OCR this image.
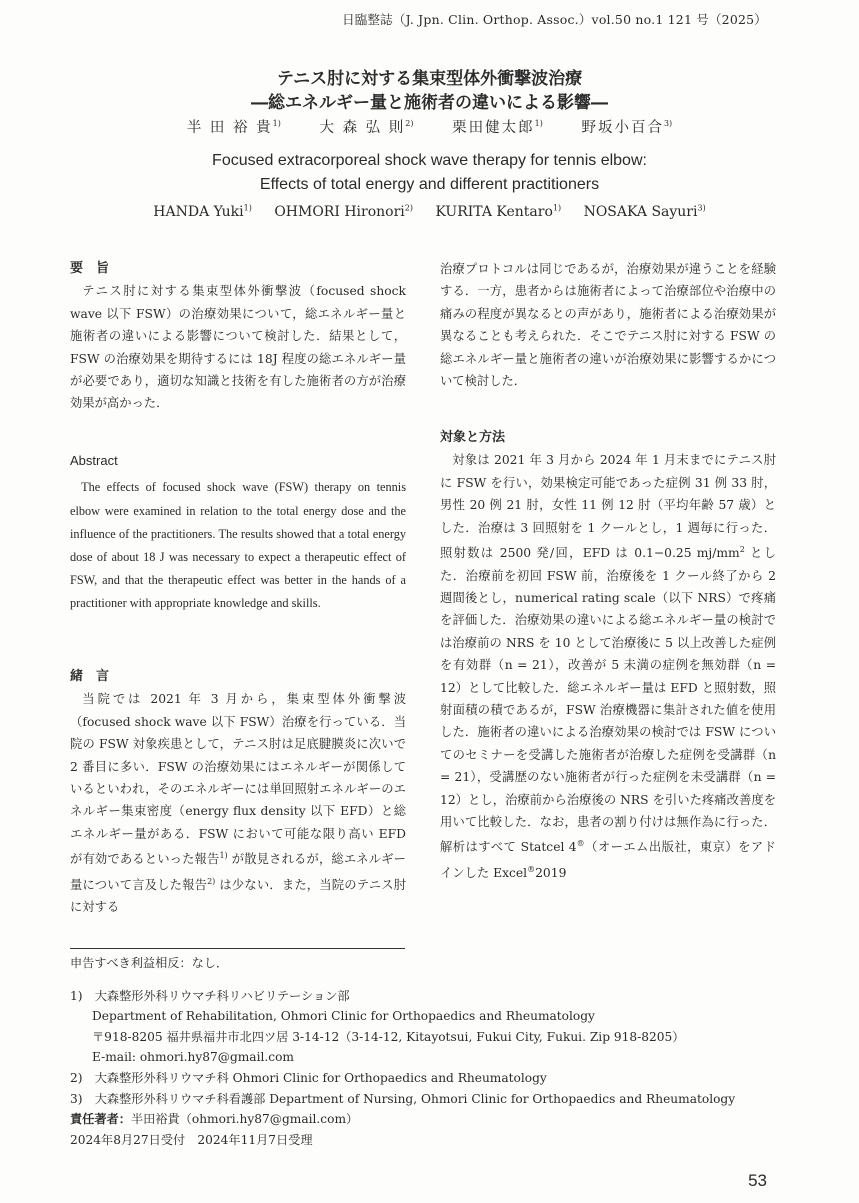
日臨整誌（J. Jpn. Clin. Orthop. Assoc.）vol.50 no.1 121 号（2025）
テニス肘に対する集束型体外衝撃波治療
―総エネルギー量と施術者の違いによる影響―
半 田 裕 貴$^{1)}$	大 森 弘 則$^{2)}$	栗田健太郎$^{1)}$	野坂小百合$^{3)}$
Focused extracorporeal shock wave therapy for tennis elbow:
Effects of total energy and different practitioners
HANDA Yuki$^{1)}$ OHMORI Hironori$^{2)}$ KURITA Kentaro$^{1)}$ NOSAKA Sayuri$^{3)}$
要　旨

テニス肘に対する集束型体外衝撃波（focused shock wave 以下 FSW）の治療効果について，総エネルギー量と施術者の違いによる影響について検討した．結果として，FSW の治療効果を期待するには 18J 程度の総エネルギー量が必要であり，適切な知識と技術を有した施術者の方が治療効果が高かった．

Abstract

The effects of focused shock wave (FSW) therapy on tennis elbow were examined in relation to the total energy dose and the influence of the practitioners. The results showed that a total energy dose of about 18 J was necessary to expect a therapeutic effect of FSW, and that the therapeutic effect was better in the hands of a practitioner with appropriate knowledge and skills.

緒　言

当院では 2021 年 3 月から，集束型体外衝撃波（focused shock wave 以下 FSW）治療を行っている．当院の FSW 対象疾患として，テニス肘は足底腱膜炎に次いで 2 番目に多い．FSW の治療効果にはエネルギーが関係しているといわれ，そのエネルギーには単回照射エネルギーのエネルギー集束密度（energy flux density 以下 EFD）と総エネルギー量がある．FSW において可能な限り高い EFD が有効であるといった報告$^{1)}$ が散見されるが，総エネルギー量について言及した報告$^{2)}$ は少ない．また，当院のテニス肘に対する

治療プロトコルは同じであるが，治療効果が違うことを経験する．一方，患者からは施術者によって治療部位や治療中の痛みの程度が異なるとの声があり，施術者による治療効果が異なることも考えられた．そこでテニス肘に対する FSW の総エネルギー量と施術者の違いが治療効果に影響するかについて検討した．

対象と方法

対象は 2021 年 3 月から 2024 年 1 月末までにテニス肘に FSW を行い，効果検定可能であった症例 31 例 33 肘，男性 20 例 21 肘，女性 11 例 12 肘（平均年齢 57 歳）とした．治療は 3 回照射を 1 クールとし，1 週毎に行った．照射数は 2500 発/回，EFD は 0.1−0.25 $mj/mm^2$ とした．治療前を初回 FSW 前，治療後を 1 クール終了から 2 週間後とし，numerical rating scale（以下 NRS）で疼痛を評価した．治療効果の違いによる総エネルギー量の検討では治療前の NRS を 10 として治療後に 5 以上改善した症例を有効群（n = 21），改善が 5 未満の症例を無効群（n = 12）として比較した．総エネルギー量は EFD と照射数，照射面積の積であるが，FSW 治療機器に集計された値を使用した．施術者の違いによる治療効果の検討では FSW についてのセミナーを受講した施術者が治療した症例を受講群（n = 21），受講歴のない施術者が行った症例を未受講群（n = 12）とし，治療前から治療後の NRS を引いた疼痛改善度を用いて比較した．なお，患者の割り付けは無作為に行った．解析はすべて Statcel 4®（オーエム出版社，東京）をアドインした Excel®2019

申告すべき利益相反：なし．
1)　 大森整形外科リウマチ科リハビリテーション部
Department of Rehabilitation, Ohmori Clinic for Orthopaedics and Rheumatology
〒918-8205 福井県福井市北四ツ居 3-14-12（3-14-12, Kitayotsui, Fukui City, Fukui. Zip 918-8205）
E-mail: ohmori.hy87@gmail.com
2)　 大森整形外科リウマチ科 Ohmori Clinic for Orthopaedics and Rheumatology
3)　 大森整形外科リウマチ科看護部 Department of Nursing, Ohmori Clinic for Orthopaedics and Rheumatology
責任著者：半田裕貴（ohmori.hy87@gmail.com）
2024年8月27日受付　2024年11月7日受理
53
